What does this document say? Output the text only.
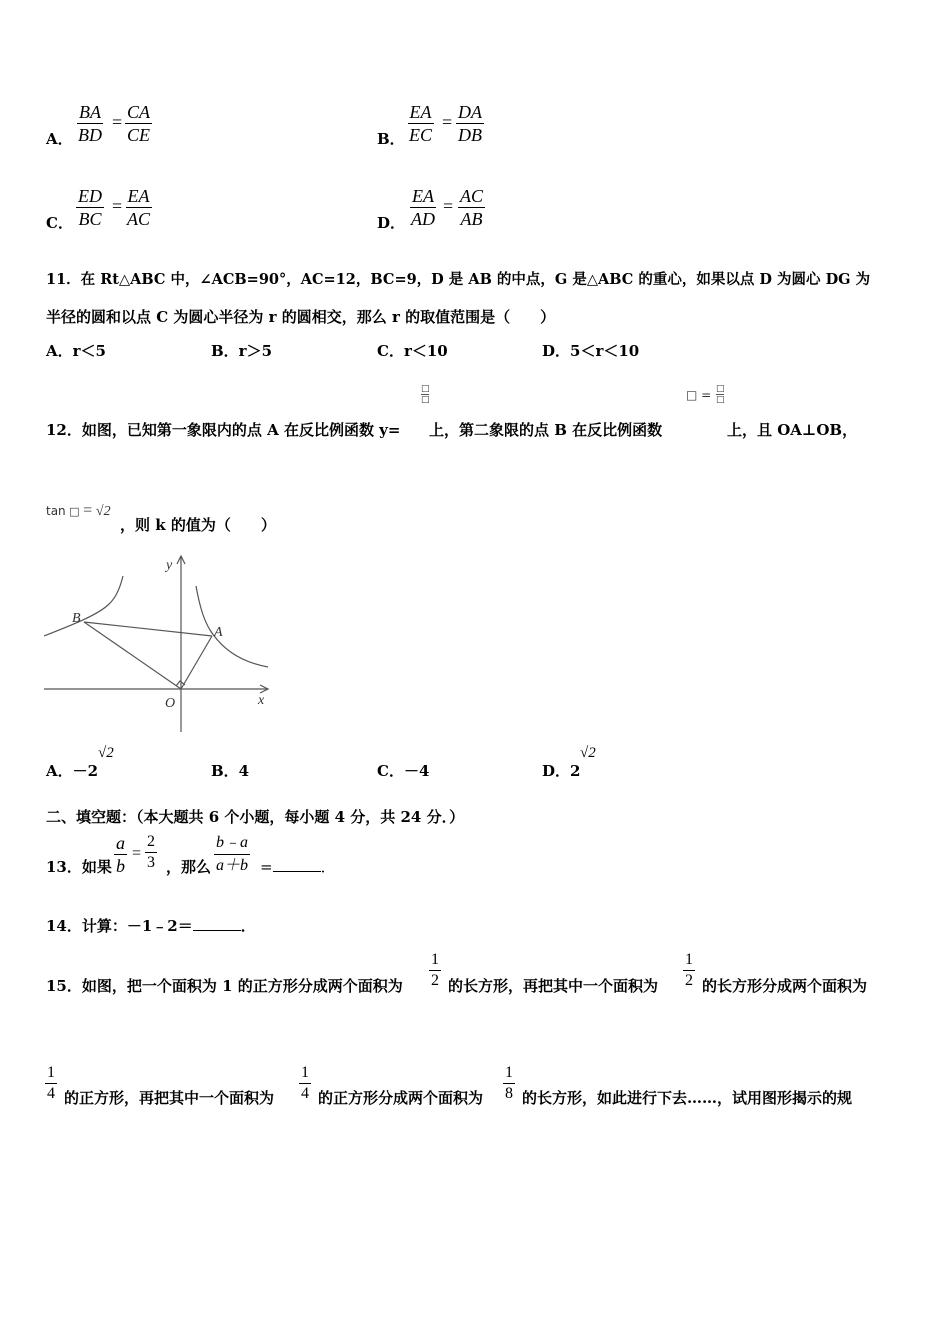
A． $\frac{BA}{BD} = \frac{CA}{CE}$	B． $\frac{EA}{EC} = \frac{DA}{DB}$
C． $\frac{ED}{BC} = \frac{EA}{AC}$	D． $\frac{EA}{AD} = \frac{AC}{AB}$
11．在 Rt△ABC 中，∠ACB=90°，AC=12，BC=9，D 是 AB 的中点，G 是△ABC 的重心，如果以点 D 为圆心 DG 为
半径的圆和以点 C 为圆心半径为 r 的圆相交，那么 r 的取值范围是（　　）
A．r＜5	B．r＞5	C．r＜10	D．5＜r＜10
□
□	□ = □
□
12．如图，已知第一象限内的点 A 在反比例函数 y= 上，第二象限的点 B 在反比例函数	上，且 OA⊥OB，
tan □ = √2
，则 k 的值为（　　）
y
x
O
A
B
A．－2
√2
B．4	C．－4	D．2
√2
二、填空题：（本大题共 6 个小题，每小题 4 分，共 24 分．）
13．如果 $\frac{a}{b} = \frac{2}{3}$ ，那么 $\frac{b﹣a}{a+b}$ =	．
14．计算：－1﹣2＝	．
15．如图，把一个面积为 1 的正方形分成两个面积为 $\frac{1}{2}$ 的长方形，再把其中一个面积为 $\frac{1}{2}$ 的长方形分成两个面积为
$\frac{1}{4}$ 的正方形，再把其中一个面积为 $\frac{1}{4}$ 的正方形分成两个面积为 $\frac{1}{8}$ 的长方形，如此进行下去……，试用图形揭示的规
